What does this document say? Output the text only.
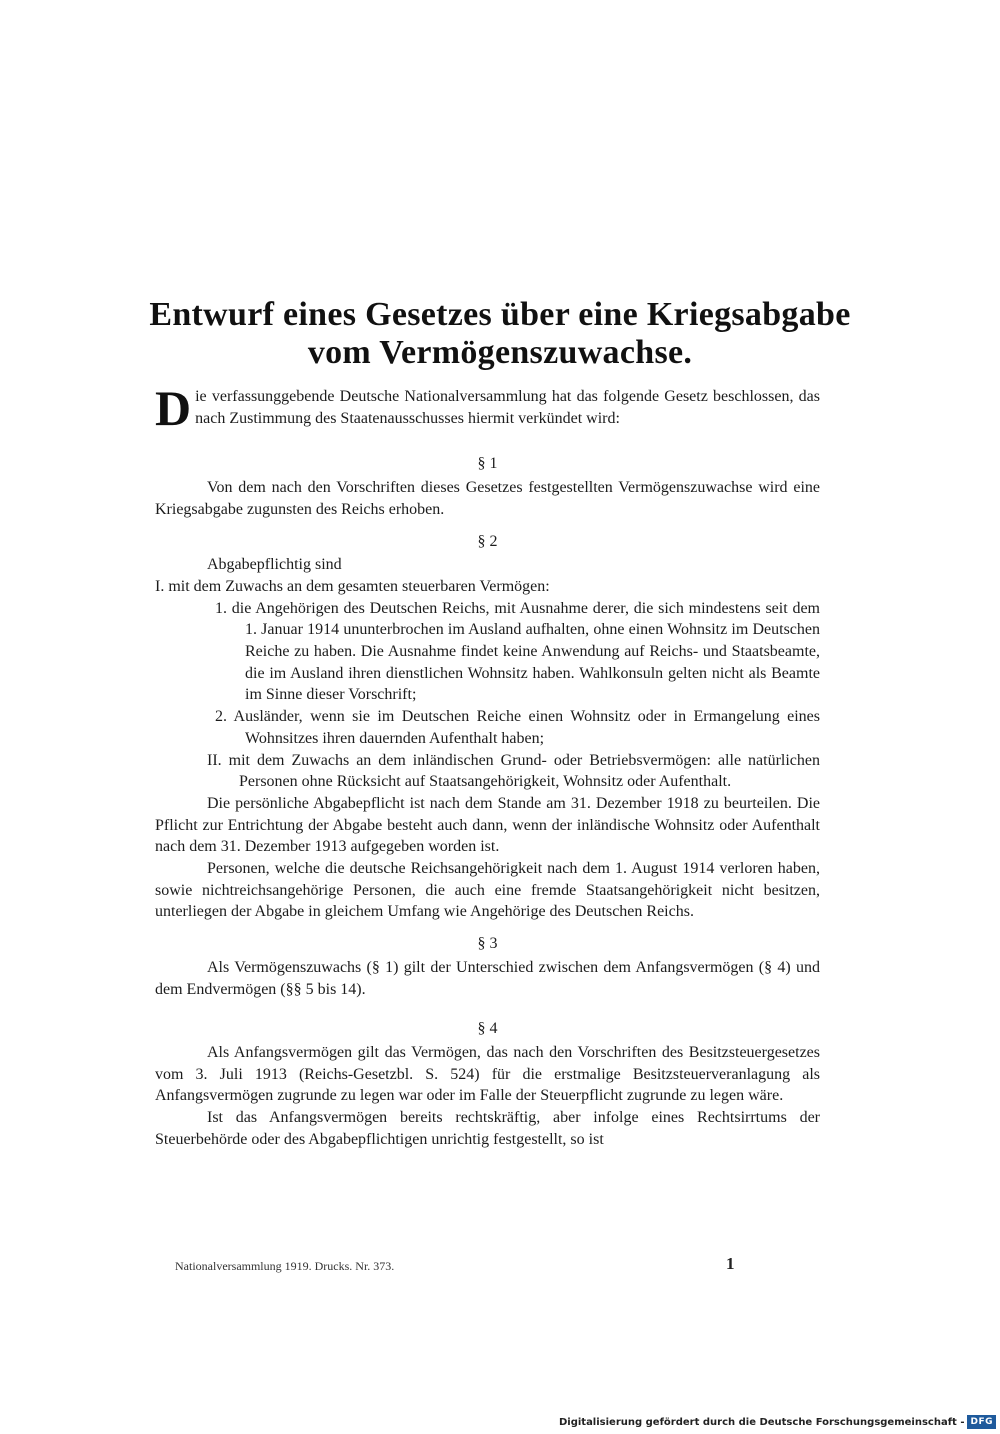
Entwurf eines Gesetzes über eine Kriegsabgabe
vom Vermögenszuwachse.

Die verfassunggebende Deutsche Nationalversammlung hat das folgende Gesetz beschlossen, das nach Zustimmung des Staatenausschusses hiermit verkündet wird:

§ 1

Von dem nach den Vorschriften dieses Gesetzes festgestellten Vermögenszuwachse wird eine Kriegsabgabe zugunsten des Reichs erhoben.

§ 2

Abgabepflichtig sind

I. mit dem Zuwachs an dem gesamten steuerbaren Vermögen:

1. die Angehörigen des Deutschen Reichs, mit Ausnahme derer, die sich mindestens seit dem 1. Januar 1914 ununterbrochen im Ausland aufhalten, ohne einen Wohnsitz im Deutschen Reiche zu haben. Die Ausnahme findet keine Anwendung auf Reichs- und Staatsbeamte, die im Ausland ihren dienstlichen Wohnsitz haben. Wahlkonsuln gelten nicht als Beamte im Sinne dieser Vorschrift;

2. Ausländer, wenn sie im Deutschen Reiche einen Wohnsitz oder in Ermangelung eines Wohnsitzes ihren dauernden Aufenthalt haben;

II. mit dem Zuwachs an dem inländischen Grund- oder Betriebsvermögen: alle natürlichen Personen ohne Rücksicht auf Staatsangehörigkeit, Wohnsitz oder Aufenthalt.

Die persönliche Abgabepflicht ist nach dem Stande am 31. Dezember 1918 zu beurteilen. Die Pflicht zur Entrichtung der Abgabe besteht auch dann, wenn der inländische Wohnsitz oder Aufenthalt nach dem 31. Dezember 1913 aufgegeben worden ist.

Personen, welche die deutsche Reichsangehörigkeit nach dem 1. August 1914 verloren haben, sowie nichtreichsangehörige Personen, die auch eine fremde Staatsangehörigkeit nicht besitzen, unterliegen der Abgabe in gleichem Umfang wie Angehörige des Deutschen Reichs.

§ 3

Als Vermögenszuwachs (§ 1) gilt der Unterschied zwischen dem Anfangsvermögen (§ 4) und dem Endvermögen (§§ 5 bis 14).

§ 4

Als Anfangsvermögen gilt das Vermögen, das nach den Vorschriften des Besitzsteuergesetzes vom 3. Juli 1913 (Reichs-Gesetzbl. S. 524) für die erstmalige Besitzsteuerveranlagung als Anfangsvermögen zugrunde zu legen war oder im Falle der Steuerpflicht zugrunde zu legen wäre.

Ist das Anfangsvermögen bereits rechtskräftig, aber infolge eines Rechtsirrtums der Steuerbehörde oder des Abgabepflichtigen unrichtig festgestellt, so ist

Nationalversammlung 1919. Drucks. Nr. 373.	1
Digitalisierung gefördert durch die Deutsche Forschungsgemeinschaft - DFG
